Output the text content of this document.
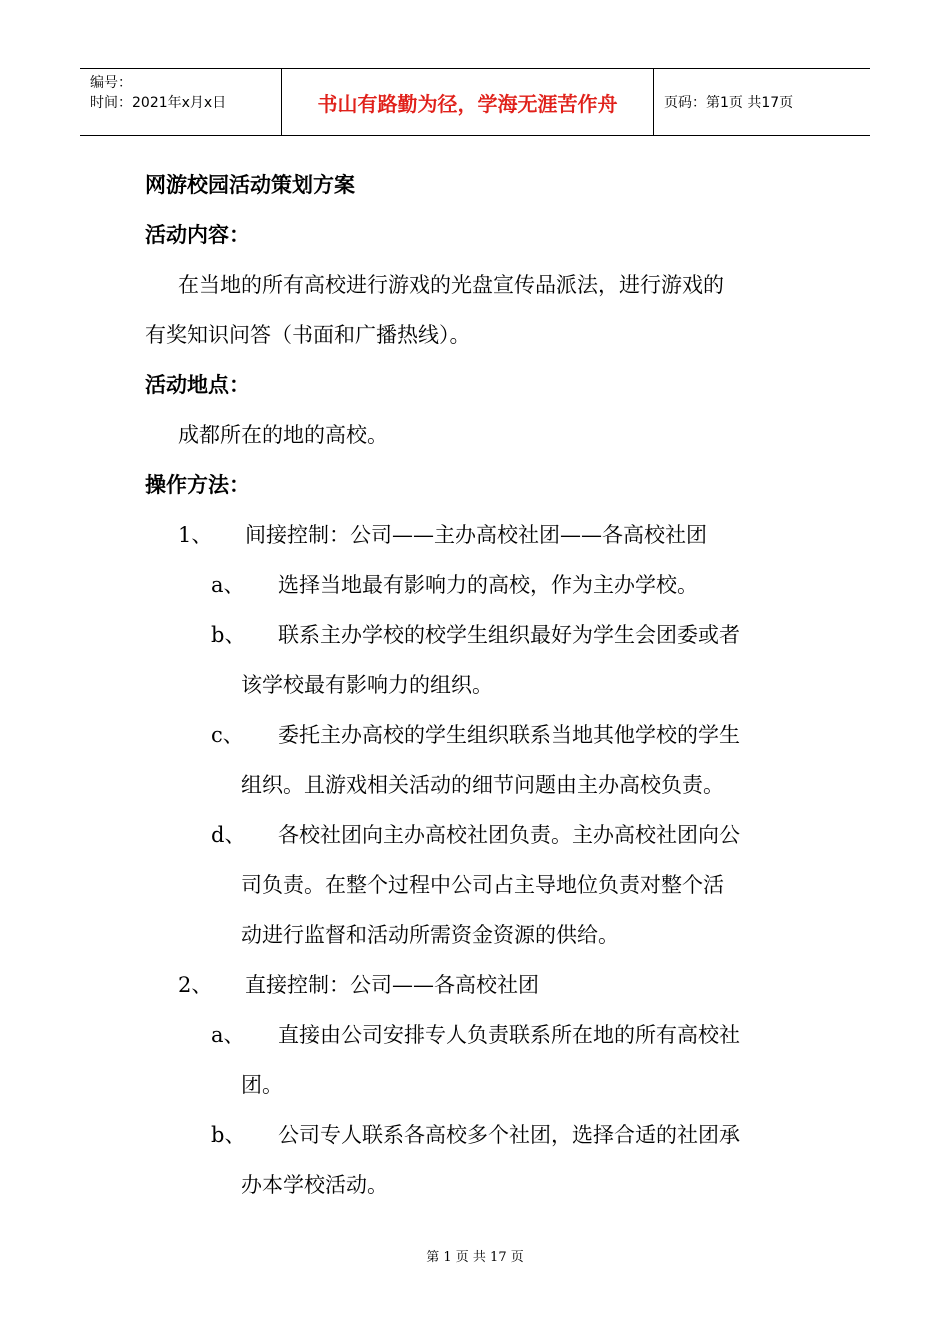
编号：
时间：2021年x月x日	书山有路勤为径，学海无涯苦作舟	页码：第1页 共17页
网游校园活动策划方案
活动内容：
在当地的所有高校进行游戏的光盘宣传品派法，进行游戏的
有奖知识问答（书面和广播热线）。
活动地点：
成都所在的地的高校。
操作方法：
1、	间接控制：公司——主办高校社团——各高校社团
a、	选择当地最有影响力的高校，作为主办学校。
b、	联系主办学校的校学生组织最好为学生会团委或者
该学校最有影响力的组织。
c、	委托主办高校的学生组织联系当地其他学校的学生
组织。且游戏相关活动的细节问题由主办高校负责。
d、	各校社团向主办高校社团负责。主办高校社团向公
司负责。在整个过程中公司占主导地位负责对整个活
动进行监督和活动所需资金资源的供给。
2、	直接控制：公司——各高校社团
a、	直接由公司安排专人负责联系所在地的所有高校社
团。
b、	公司专人联系各高校多个社团，选择合适的社团承
办本学校活动。
第 1 页 共 17 页
